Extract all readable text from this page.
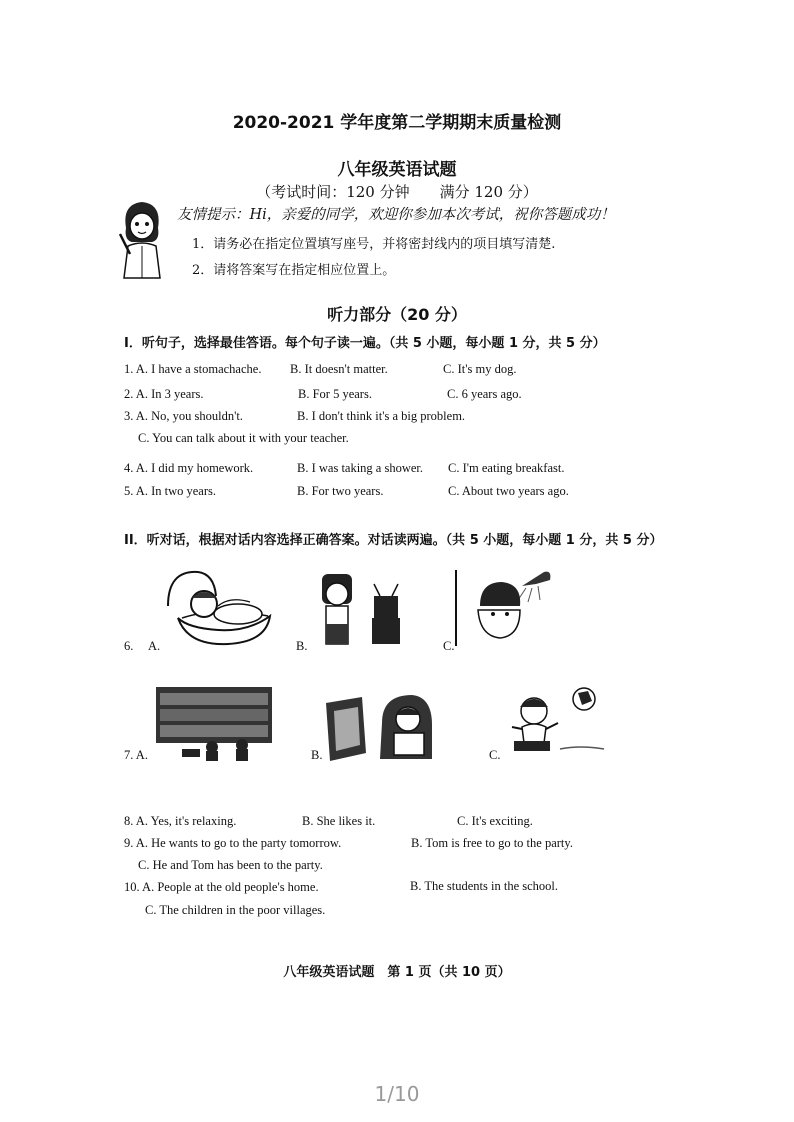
2020-2021 学年度第二学期期末质量检测
八年级英语试题
（考试时间：120 分钟　　满分 120 分）
友情提示：Hi，亲爱的同学，欢迎你参加本次考试，祝你答题成功！
1．请务必在指定位置填写座号，并将密封线内的项目填写清楚.
2．请将答案写在指定相应位置上。
听力部分（20 分）
I．听句子，选择最佳答语。每个句子读一遍。（共 5 小题，每小题 1 分，共 5 分）
1. A. I have a stomachache. B. It doesn't matter.	C. It's my dog.
2. A. In 3 years.	B. For 5 years.	C. 6 years ago.
3. A. No, you shouldn't.	B. I don't think it's a big problem.
C. You can talk about it with your teacher.
4. A. I did my homework.	B. I was taking a shower. C. I'm eating breakfast.
5. A. In two years.	B. For two years.	C. About two years ago.
II．听对话，根据对话内容选择正确答案。对话读两遍。（共 5 小题，每小题 1 分，共 5 分）
6. A.	B.	C.
7. A.	B.	C.
8. A. Yes, it's relaxing.	B. She likes it.	C. It's exciting.
9. A. He wants to go to the party tomorrow.	B. Tom is free to go to the party.
C. He and Tom has been to the party.
10. A. People at the old people's home.	B. The students in the school.
C. The children in the poor villages.
八年级英语试题　第 1 页（共 10 页）
1/10
